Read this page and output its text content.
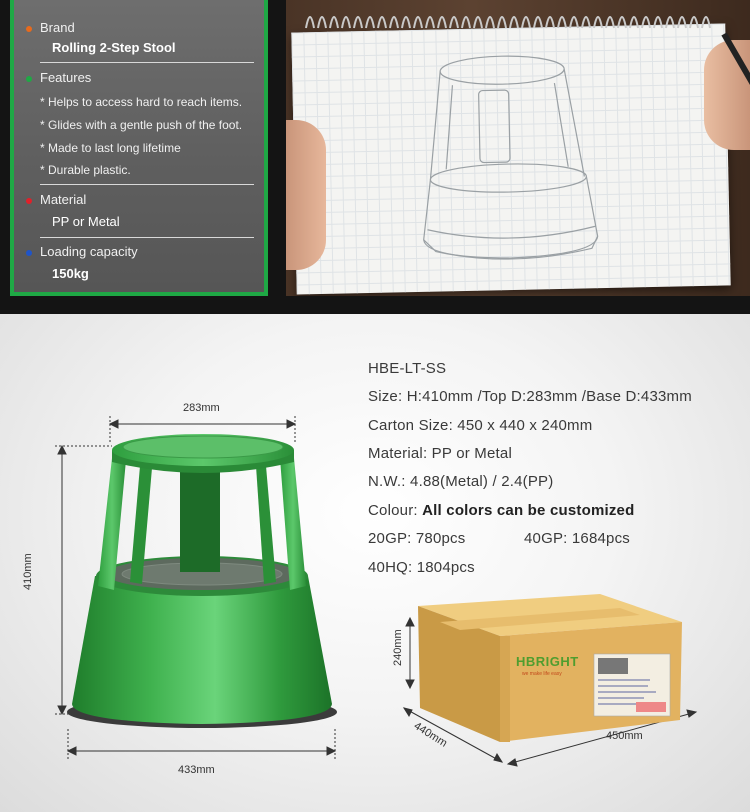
Brand
Rolling 2-Step Stool
Features
* Helps to access hard to reach items.
* Glides with a gentle push of the foot.
* Made to last long lifetime
* Durable plastic.
Material
PP or Metal
Loading capacity
150kg
283mm
410mm
433mm
HBE-LT-SS
Size: H:410mm /Top D:283mm /Base D:433mm
Carton Size: 450 x 440 x 240mm
Material: PP or Metal
N.W.: 4.88(Metal) / 2.4(PP)
Colour: All colors can be customized
20GP: 780pcs	40GP: 1684pcs
40HQ: 1804pcs
HBRIGHT
we make life easy
240mm
440mm	450mm
